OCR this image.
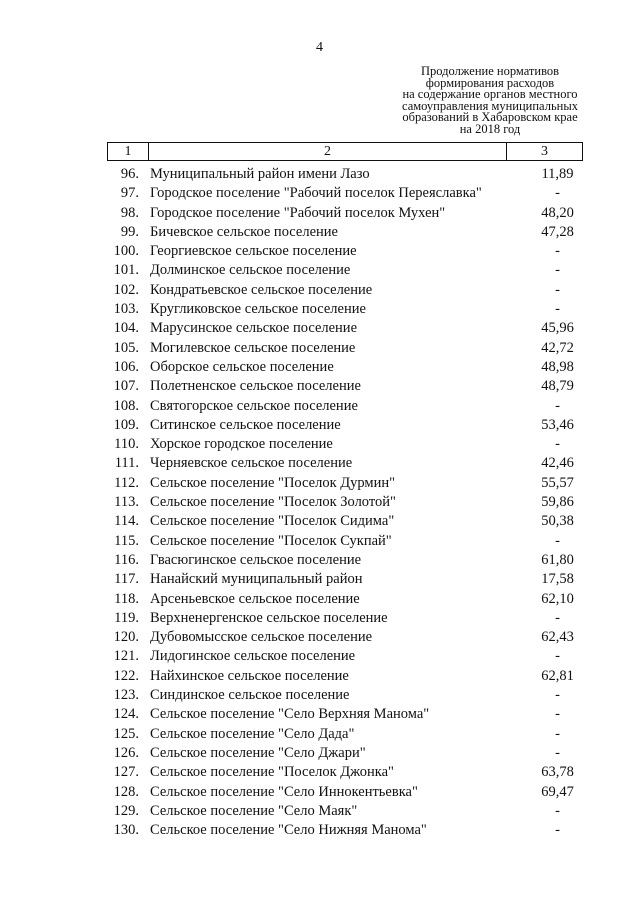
4
Продолжение нормативов
формирования расходов
на содержание органов местного
самоуправления муниципальных
образований в Хабаровском крае
на 2018 год
1	2	3
96. Муниципальный район имени Лазо	11,89
97. Городское поселение "Рабочий поселок Переяславка"	-
98. Городское поселение "Рабочий поселок Мухен"	48,20
99. Бичевское сельское поселение	47,28
100. Георгиевское сельское поселение	-
101. Долминское сельское поселение	-
102. Кондратьевское сельское поселение	-
103. Кругликовское сельское поселение	-
104. Марусинское сельское поселение	45,96
105. Могилевское сельское поселение	42,72
106. Оборское сельское поселение	48,98
107. Полетненское сельское поселение	48,79
108. Святогорское сельское поселение	-
109. Ситинское сельское поселение	53,46
110. Хорское городское поселение	-
111. Черняевское сельское поселение	42,46
112. Сельское поселение "Поселок Дурмин"	55,57
113. Сельское поселение "Поселок Золотой"	59,86
114. Сельское поселение "Поселок Сидима"	50,38
115. Сельское поселение "Поселок Сукпай"	-
116. Гвасюгинское сельское поселение	61,80
117. Нанайский муниципальный район	17,58
118. Арсеньевское сельское поселение	62,10
119. Верхненергенское сельское поселение	-
120. Дубовомысское сельское поселение	62,43
121. Лидогинское сельское поселение	-
122. Найхинское сельское поселение	62,81
123. Синдинское сельское поселение	-
124. Сельское поселение "Село Верхняя Манома"	-
125. Сельское поселение "Село Дада"	-
126. Сельское поселение "Село Джари"	-
127. Сельское поселение "Поселок Джонка"	63,78
128. Сельское поселение "Село Иннокентьевка"	69,47
129. Сельское поселение "Село Маяк"	-
130. Сельское поселение "Село Нижняя Манома"	-
